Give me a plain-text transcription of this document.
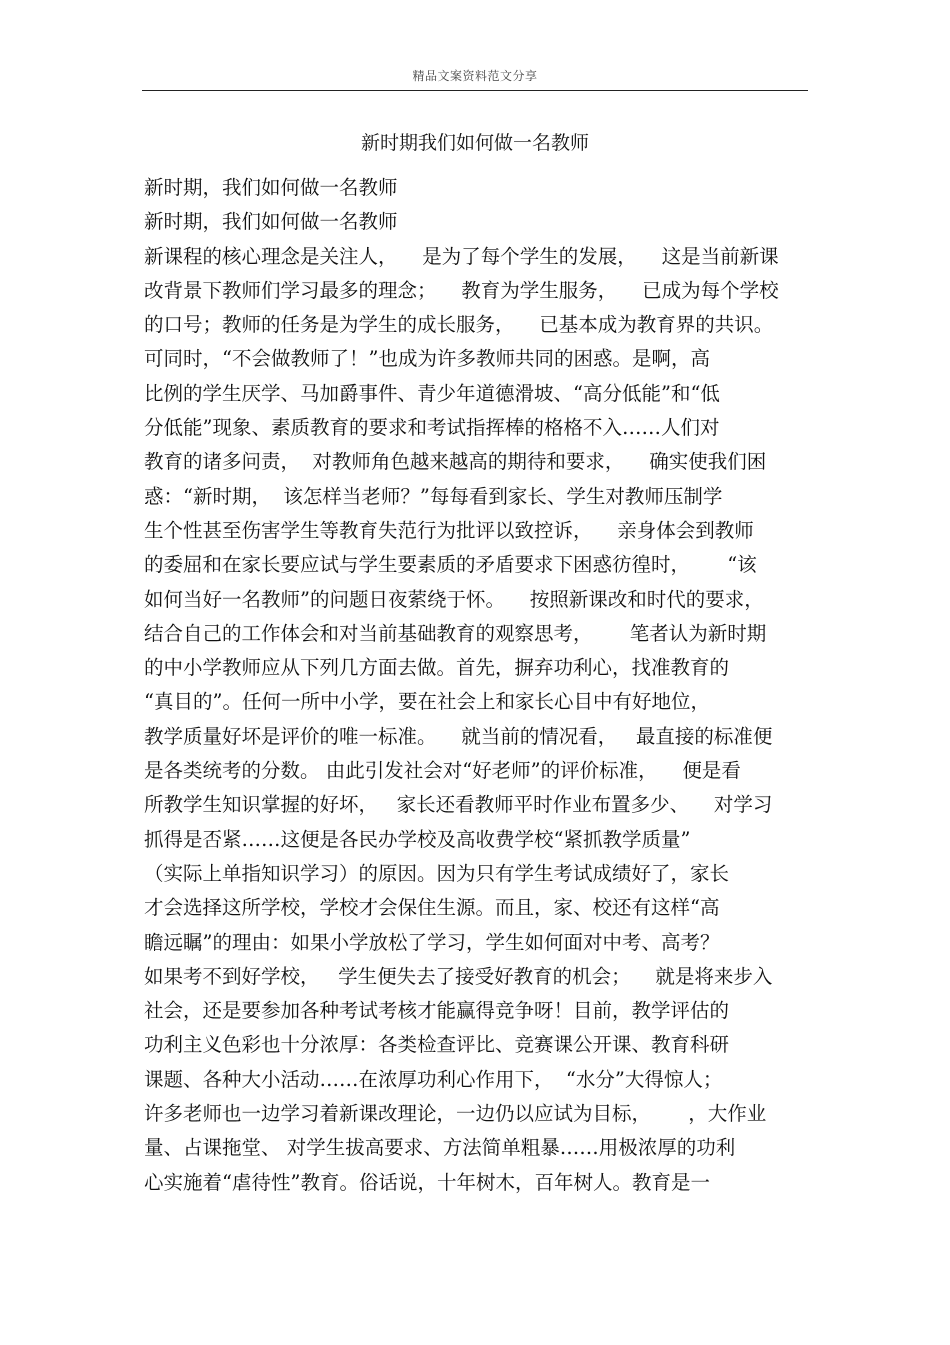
精品文案资料范文分享
新时期我们如何做一名教师
新时期，我们如何做一名教师
新时期，我们如何做一名教师
新课程的核心理念是关注人，    是为了每个学生的发展，    这是当前新课
改背景下教师们学习最多的理念；    教育为学生服务，    已成为每个学校
的口号；教师的任务是为学生的成长服务，    已基本成为教育界的共识。
可同时，“不会做教师了！”也成为许多教师共同的困惑。是啊，高
比例的学生厌学、马加爵事件、青少年道德滑坡、“高分低能”和“低
分低能”现象、素质教育的要求和考试指挥棒的格格不入……人们对
教育的诸多问责，  对教师角色越来越高的期待和要求，    确实使我们困
惑：“新时期，  该怎样当老师？”每每看到家长、学生对教师压制学
生个性甚至伤害学生等教育失范行为批评以致控诉，    亲身体会到教师
的委屈和在家长要应试与学生要素质的矛盾要求下困惑彷徨时，      “该
如何当好一名教师”的问题日夜萦绕于怀。    按照新课改和时代的要求，
结合自己的工作体会和对当前基础教育的观察思考，      笔者认为新时期
的中小学教师应从下列几方面去做。首先，摒弃功利心，找准教育的
“真目的”。任何一所中小学，要在社会上和家长心目中有好地位，
教学质量好坏是评价的唯一标准。    就当前的情况看，   最直接的标准便
是各类统考的分数。 由此引发社会对“好老师”的评价标准，    便是看
所教学生知识掌握的好坏，   家长还看教师平时作业布置多少、    对学习
抓得是否紧……这便是各民办学校及高收费学校“紧抓教学质量”
（实际上单指知识学习）的原因。因为只有学生考试成绩好了，家长
才会选择这所学校，学校才会保住生源。而且，家、校还有这样“高
瞻远瞩”的理由：如果小学放松了学习，学生如何面对中考、高考？
如果考不到好学校，   学生便失去了接受好教育的机会；    就是将来步入
社会，还是要参加各种考试考核才能赢得竞争呀！目前，教学评估的
功利主义色彩也十分浓厚：各类检查评比、竞赛课公开课、教育科研
课题、各种大小活动……在浓厚功利心作用下，  “水分”大得惊人；
许多老师也一边学习着新课改理论，一边仍以应试为目标，      ，大作业
量、占课拖堂、 对学生拔高要求、方法简单粗暴……用极浓厚的功利
心实施着“虐待性”教育。俗话说，十年树木，百年树人。教育是一
